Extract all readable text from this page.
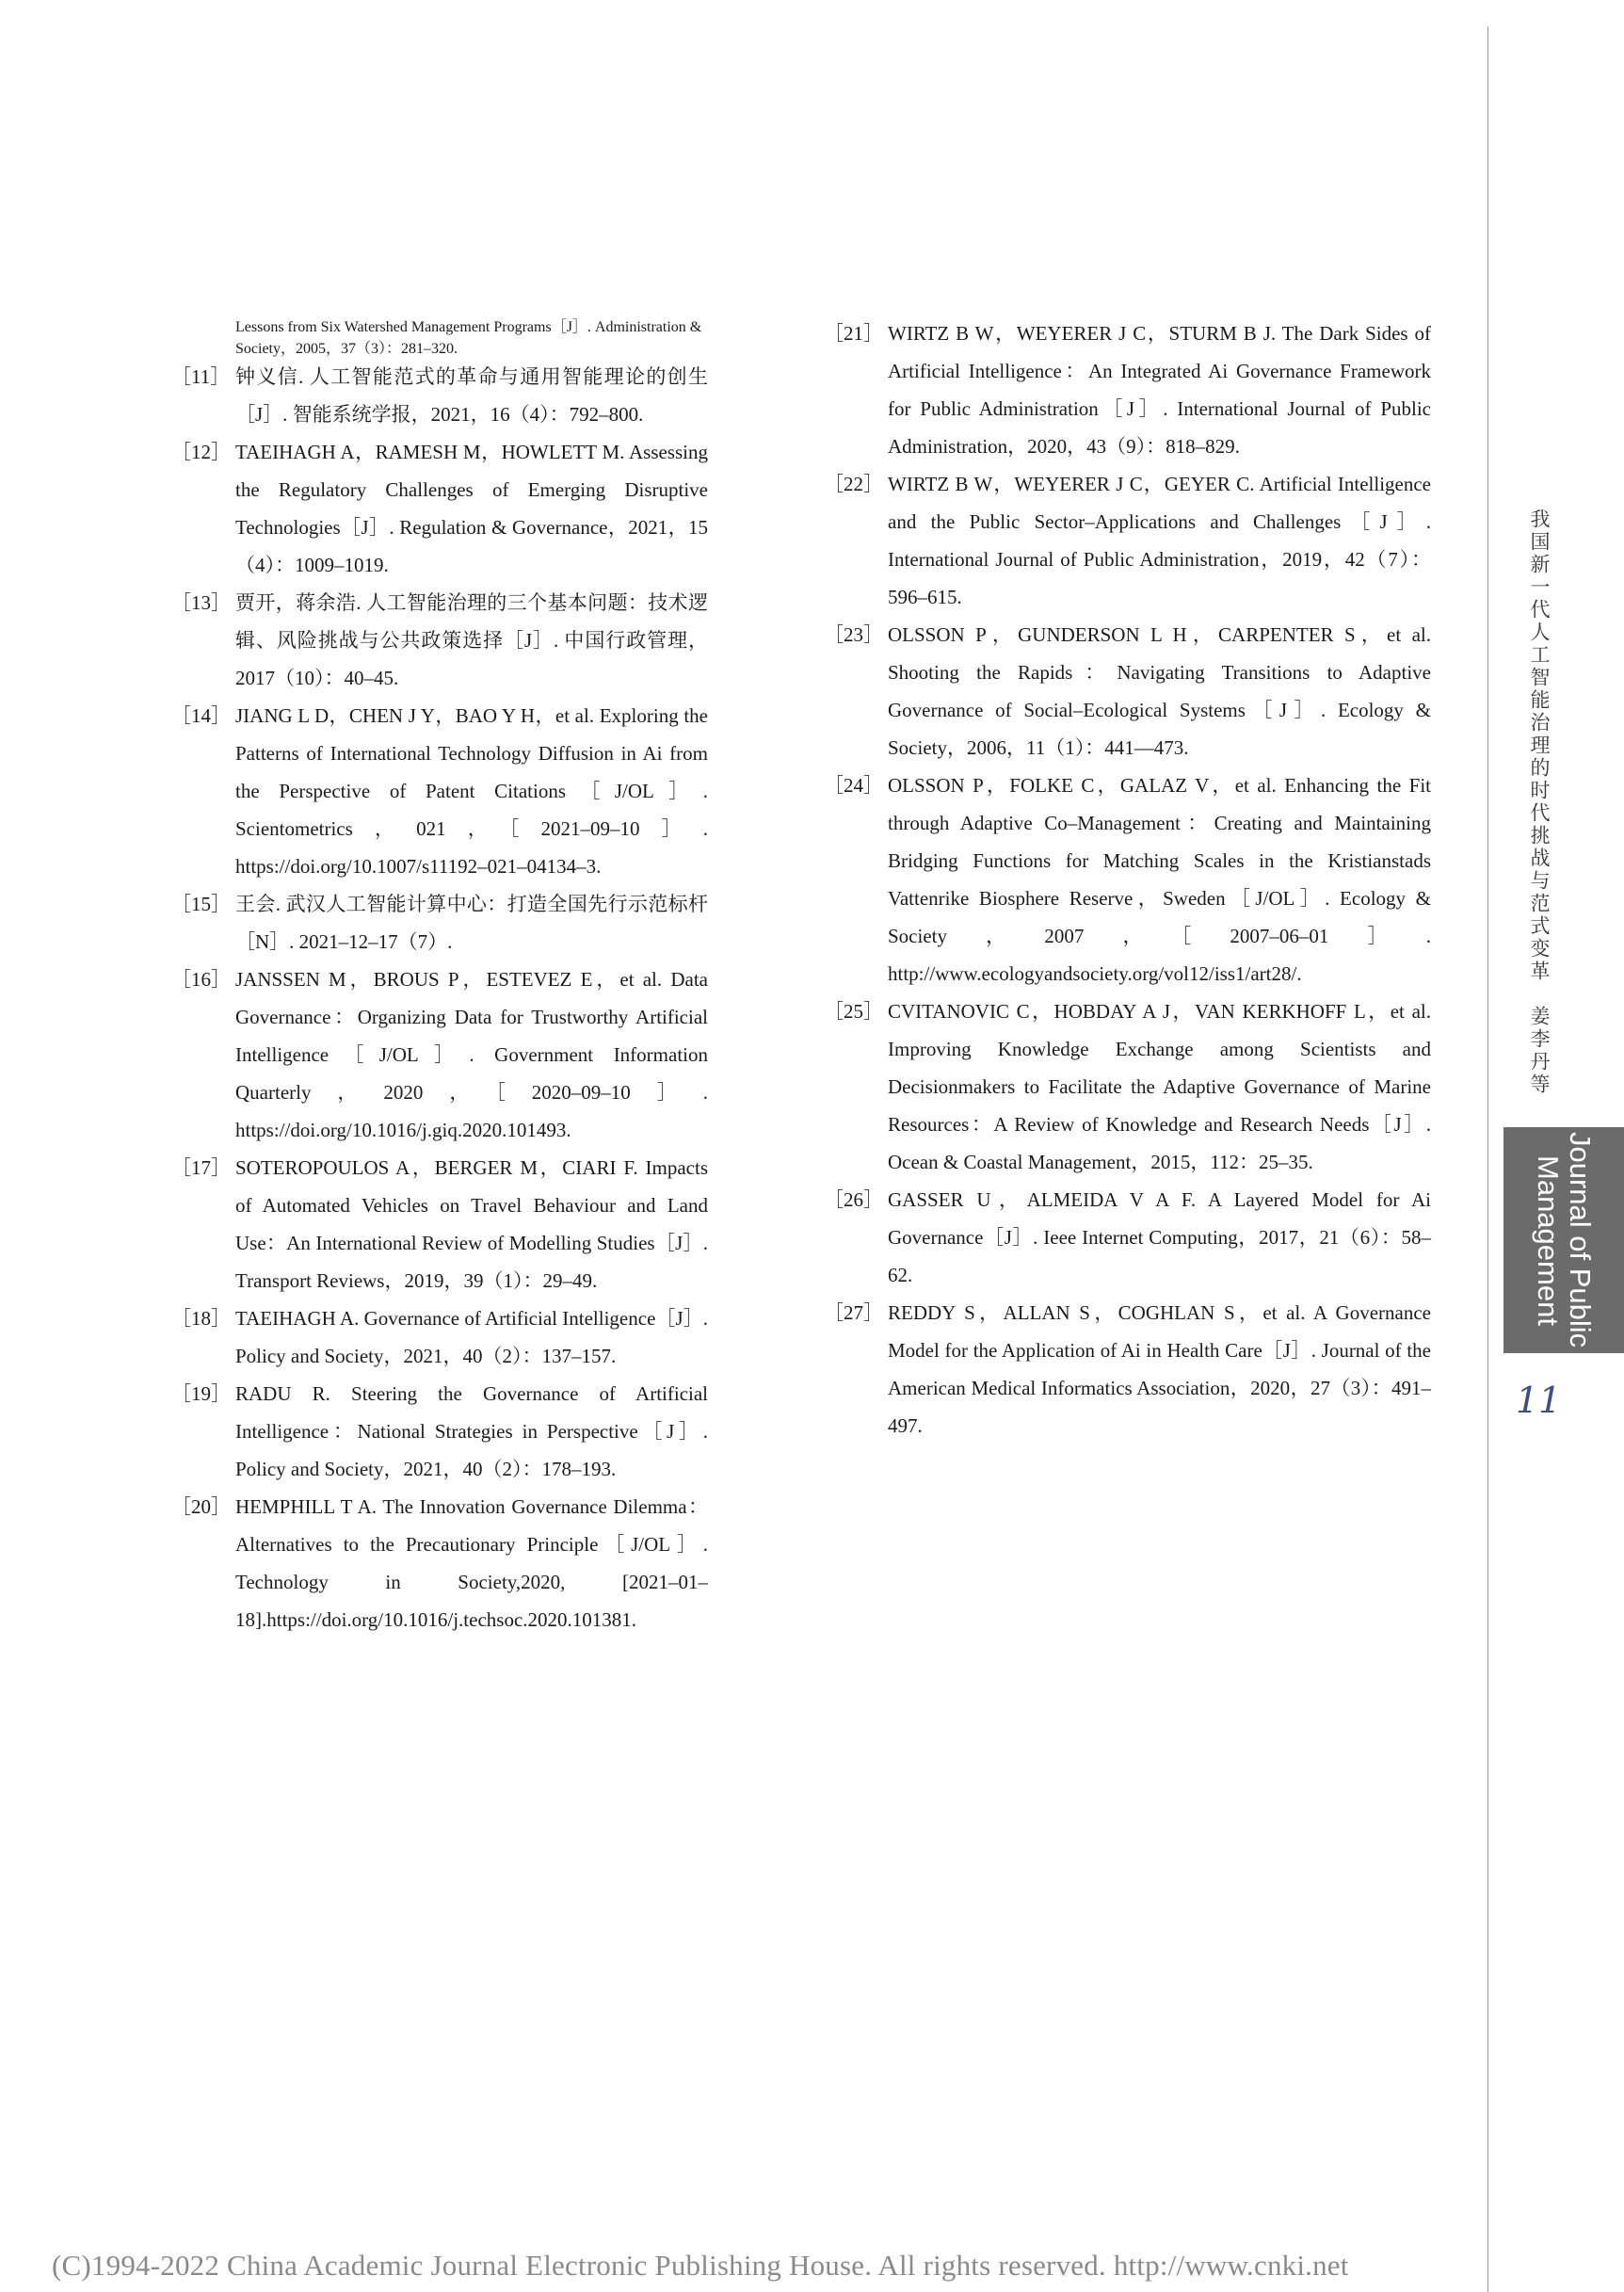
Lessons from Six Watershed Management Programs［J］. Administration & Society，2005，37（3）：281–320.
［11］ 钟义信. 人工智能范式的革命与通用智能理论的创生［J］. 智能系统学报，2021，16（4）：792–800.
［12］ TAEIHAGH A，RAMESH M，HOWLETT M. Assessing the Regulatory Challenges of Emerging Disruptive Technologies［J］. Regulation & Governance，2021，15（4）：1009–1019.
［13］ 贾开，蒋余浩. 人工智能治理的三个基本问题：技术逻辑、风险挑战与公共政策选择［J］. 中国行政管理，2017（10）：40–45.
［14］ JIANG L D，CHEN J Y，BAO Y H，et al. Exploring the Patterns of International Technology Diffusion in Ai from the Perspective of Patent Citations［J/OL］. Scientometrics，021，［2021–09–10］. https://doi.org/10.1007/s11192–021–04134–3.
［15］ 王会. 武汉人工智能计算中心：打造全国先行示范标杆［N］. 2021–12–17（7）.
［16］ JANSSEN M，BROUS P，ESTEVEZ E，et al. Data Governance：Organizing Data for Trustworthy Artificial Intelligence［J/OL］. Government Information Quarterly，2020，［2020–09–10］. https://doi.org/10.1016/j.giq.2020.101493.
［17］ SOTEROPOULOS A，BERGER M，CIARI F. Impacts of Automated Vehicles on Travel Behaviour and Land Use：An International Review of Modelling Studies［J］. Transport Reviews，2019，39（1）：29–49.
［18］ TAEIHAGH A. Governance of Artificial Intelligence［J］. Policy and Society，2021，40（2）：137–157.
［19］ RADU R. Steering the Governance of Artificial Intelligence：National Strategies in Perspective［J］. Policy and Society，2021，40（2）：178–193.
［20］ HEMPHILL T A. The Innovation Governance Dilemma：Alternatives to the Precautionary Principle［J/OL］. Technology in Society,2020, [2021–01–18].https://doi.org/10.1016/j.techsoc.2020.101381.
［21］ WIRTZ B W，WEYERER J C，STURM B J. The Dark Sides of Artificial Intelligence：An Integrated Ai Governance Framework for Public Administration［J］. International Journal of Public Administration，2020，43（9）：818–829.
［22］ WIRTZ B W，WEYERER J C，GEYER C. Artificial Intelligence and the Public Sector–Applications and Challenges［J］. International Journal of Public Administration，2019，42（7）：596–615.
［23］ OLSSON P，GUNDERSON L H，CARPENTER S，et al. Shooting the Rapids：Navigating Transitions to Adaptive Governance of Social–Ecological Systems［J］. Ecology & Society，2006，11（1）：441––473.
［24］ OLSSON P，FOLKE C，GALAZ V，et al. Enhancing the Fit through Adaptive Co–Management：Creating and Maintaining Bridging Functions for Matching Scales in the Kristianstads Vattenrike Biosphere Reserve，Sweden［J/OL］. Ecology & Society，2007，［2007–06–01］. http://www.ecologyandsociety.org/vol12/iss1/art28/.
［25］ CVITANOVIC C，HOBDAY A J，VAN KERKHOFF L，et al. Improving Knowledge Exchange among Scientists and Decisionmakers to Facilitate the Adaptive Governance of Marine Resources：A Review of Knowledge and Research Needs［J］. Ocean & Coastal Management，2015，112：25–35.
［26］ GASSER U，ALMEIDA V A F. A Layered Model for Ai Governance［J］. Ieee Internet Computing，2017，21（6）：58–62.
［27］ REDDY S，ALLAN S，COGHLAN S，et al. A Governance Model for the Application of Ai in Health Care［J］. Journal of the American Medical Informatics Association，2020，27（3）：491–497.
我国新一代人工智能治理的时代挑战与范式变革　姜李丹等
Journal of Public
Management
11
(C)1994-2022 China Academic Journal Electronic Publishing House. All rights reserved. http://www.cnki.net
